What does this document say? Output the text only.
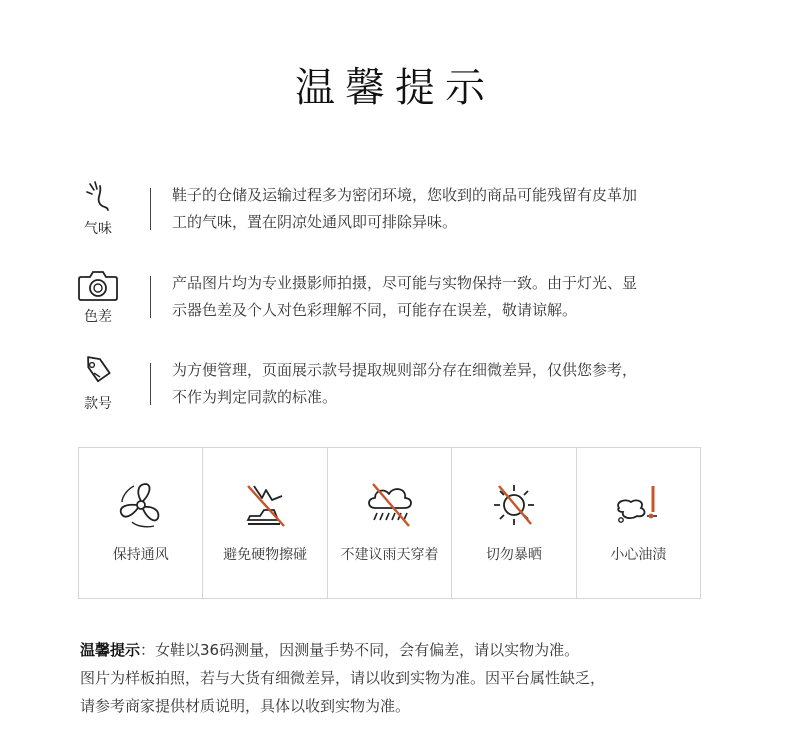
温馨提示
气味
鞋子的仓储及运输过程多为密闭环境，您收到的商品可能残留有皮革加
工的气味，置在阴凉处通风即可排除异味。
色差
产品图片均为专业摄影师拍摄，尽可能与实物保持一致。由于灯光、显
示器色差及个人对色彩理解不同，可能存在误差，敬请谅解。
款号
为方便管理，页面展示款号提取规则部分存在细微差异，仅供您参考，
不作为判定同款的标准。
保持通风	避免硬物擦碰	不建议雨天穿着	切勿暴晒	小心油渍
温馨提示：女鞋以36码测量，因测量手势不同，会有偏差，请以实物为准。
图片为样板拍照，若与大货有细微差异，请以收到实物为准。因平台属性缺乏，
请参考商家提供材质说明，具体以收到实物为准。
